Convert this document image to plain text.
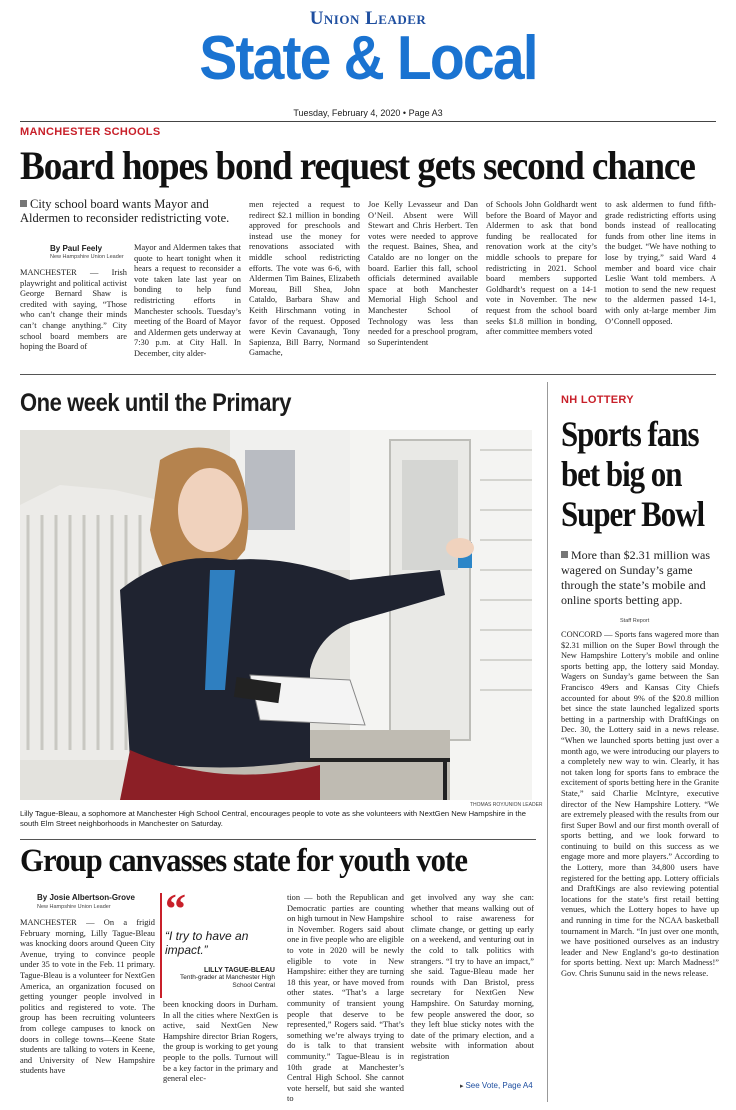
Union Leader
State & Local
Tuesday, February 4, 2020 • Page A3
MANCHESTER SCHOOLS
Board hopes bond request gets second chance
City school board wants Mayor and Aldermen to reconsider redistricting vote.
By Paul Feely
New Hampshire Union Leader
MANCHESTER — Irish playwright and political activist George Bernard Shaw is credited with saying, “Those who can’t change their minds can’t change anything.” City school board members are hoping the Board of
Mayor and Aldermen takes that quote to heart tonight when it hears a request to reconsider a vote taken late last year on bonding to help fund redistricting efforts in Manchester schools. Tuesday’s meeting of the Board of Mayor and Aldermen gets underway at 7:30 p.m. at City Hall. In December, city alder-
men rejected a request to redirect $2.1 million in bonding approved for preschools and instead use the money for renovations associated with middle school redistricting efforts. The vote was 6-6, with Aldermen Tim Baines, Elizabeth Moreau, Bill Shea, John Cataldo, Barbara Shaw and Keith Hirschmann voting in favor of the request. Opposed were Kevin Cavanaugh, Tony Sapienza, Bill Barry, Normand Gamache,
Joe Kelly Levasseur and Dan O’Neil. Absent were Will Stewart and Chris Herbert. Ten votes were needed to approve the request. Baines, Shea, and Cataldo are no longer on the board. Earlier this fall, school officials determined available space at both Manchester Memorial High School and Manchester School of Technology was less than needed for a preschool program, so Superintendent
of Schools John Goldhardt went before the Board of Mayor and Aldermen to ask that bond funding be reallocated for renovation work at the city’s middle schools to prepare for redistricting in 2021. School board members supported Goldhardt’s request on a 14-1 vote in November. The new request from the school board seeks $1.8 million in bonding, after committee members voted
to ask aldermen to fund fifth-grade redistricting efforts using bonds instead of reallocating funds from other line items in the budget. “We have nothing to lose by trying,” said Ward 4 member and board vice chair Leslie Want told members. A motion to send the new request to the aldermen passed 14-1, with only at-large member Jim O’Connell opposed.
One week until the Primary
THOMAS ROY/UNION LEADER
Lilly Tague-Bleau, a sophomore at Manchester High School Central, encourages people to vote as she volunteers with NextGen New Hampshire in the south Elm Street neighborhoods in Manchester on Saturday.
Group canvasses state for youth vote
By Josie Albertson-Grove
New Hampshire Union Leader
MANCHESTER — On a frigid February morning, Lilly Tague-Bleau was knocking doors around Queen City Avenue, trying to convince people under 35 to vote in the Feb. 11 primary. Tague-Bleau is a volunteer for NextGen America, an organization focused on getting younger people involved in politics and registered to vote. The group has been recruiting volunteers from college campuses to knock on doors in college towns—Keene State students are talking to voters in Keene, and University of New Hampshire students have
been knocking doors in Durham. In all the cities where NextGen is active, said NextGen New Hampshire director Brian Rogers, the group is working to get young people to the polls. Turnout will be a key factor in the primary and general elec-
“
“I try to have an impact.”
LILLY TAGUE-BLEAU
Tenth-grader at Manchester High School Central
tion — both the Republican and Democratic parties are counting on high turnout in New Hampshire in November. Rogers said about one in five people who are eligible to vote in 2020 will be newly eligible to vote in New Hampshire: either they are turning 18 this year, or have moved from other states. “That’s a large community of transient young people that deserve to be represented,” Rogers said. “That’s something we’re always trying to do is talk to that transient community.” Tague-Bleau is in 10th grade at Manchester’s Central High School. She cannot vote herself, but said she wanted to
get involved any way she can: whether that means walking out of school to raise awareness for climate change, or getting up early on a weekend, and venturing out in the cold to talk politics with strangers. “I try to have an impact,” she said. Tague-Bleau made her rounds with Dan Bristol, press secretary for NextGen New Hampshire. On Saturday morning, few people answered the door, so they left blue sticky notes with the date of the primary election, and a website with information about registration
▸ See Vote, Page A4
NH LOTTERY
Sports fans
bet big on
Super Bowl
More than $2.31 million was wagered on Sunday’s game through the state’s mobile and online sports betting app.
Staff Report
CONCORD — Sports fans wagered more than $2.31 million on the Super Bowl through the New Hampshire Lottery’s mobile and online sports betting app, the lottery said Monday. Wagers on Sunday’s game between the San Francisco 49ers and Kansas City Chiefs accounted for about 9% of the $20.8 million bet since the state launched legalized sports betting in a partnership with DraftKings on Dec. 30, the Lottery said in a news release. “When we launched sports betting just over a month ago, we were introducing our players to a completely new way to win. Clearly, it has not taken long for sports fans to embrace the excitement of sports betting here in the Granite State,” said Charlie McIntyre, executive director of the New Hampshire Lottery. “We are extremely pleased with the results from our first Super Bowl and our first month overall of sports betting, and we look forward to continuing to build on this success as we engage more and more players.” According to the Lottery, more than 34,800 users have registered for the betting app. Lottery officials and DraftKings are also reviewing potential locations for the state’s first retail betting venues, which the Lottery hopes to have up and running in time for the NCAA basketball tournament in March. “In just over one month, we have positioned ourselves as an industry leader and New England’s go-to destination for sports betting. Next up: March Madness!” Gov. Chris Sununu said in the news release.
